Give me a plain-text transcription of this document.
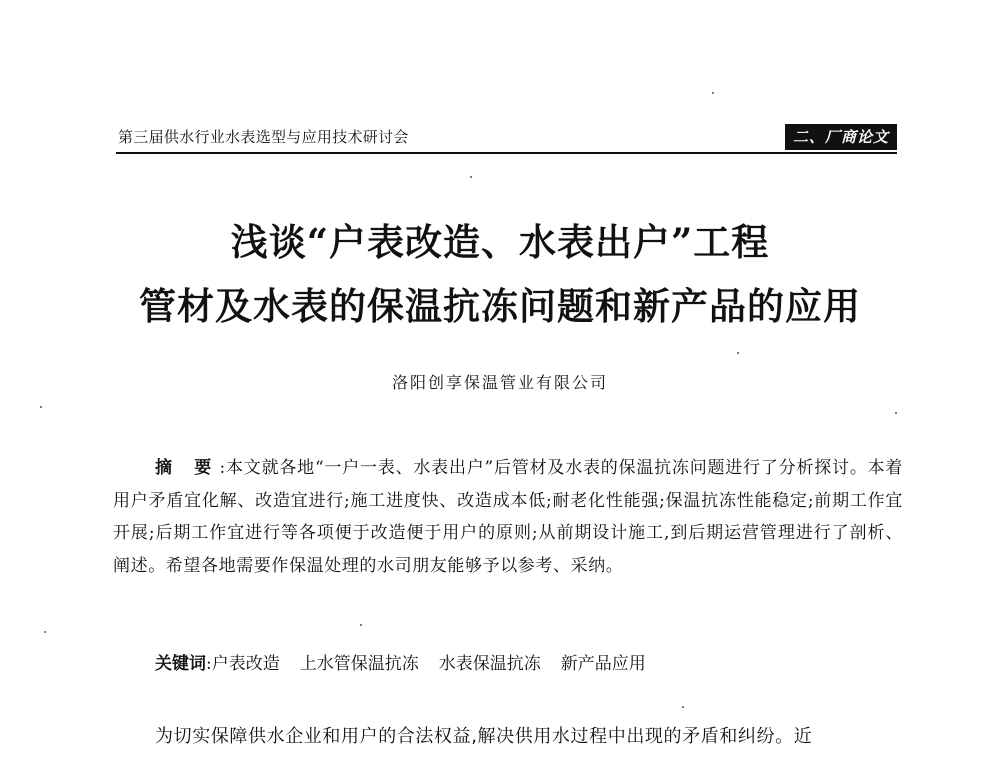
第三届供水行业水表选型与应用技术研讨会	二、厂商论文
浅谈“户表改造、水表出户”工程
管材及水表的保温抗冻问题和新产品的应用
洛阳创享保温管业有限公司
摘 要:本文就各地“一户一表、水表出户”后管材及水表的保温抗冻问题进行了分析探讨。本着用户矛盾宜化解、改造宜进行;施工进度快、改造成本低;耐老化性能强;保温抗冻性能稳定;前期工作宜开展;后期工作宜进行等各项便于改造便于用户的原则;从前期设计施工,到后期运营管理进行了剖析、阐述。希望各地需要作保温处理的水司朋友能够予以参考、采纳。
关键词:户表改造 上水管保温抗冻 水表保温抗冻 新产品应用
为切实保障供水企业和用户的合法权益,解决供用水过程中出现的矛盾和纠纷。近
